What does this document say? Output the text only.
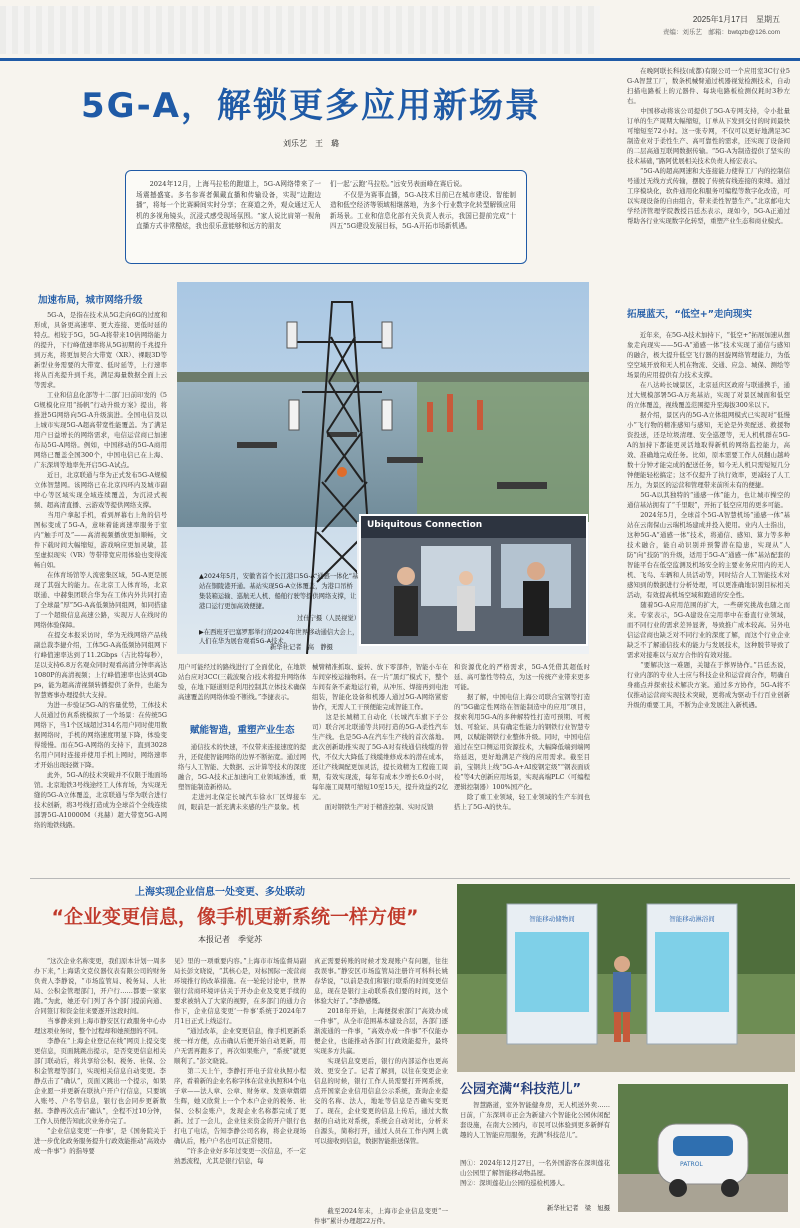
2025年1月17日　星期五
责编：刘乐艺　邮箱：bwtqzb@126.com
5G-A，解锁更多应用新场景
刘乐艺　王　璐
　　2024年12月，上海马拉松的跑道上，5G-A网络带来了一场震撼盛宴。多名参赛者佩戴直播和传输设备，实现“边跑边播”，将每一个比赛瞬间实时分享；在赛道之外，观众通过无人机的多视角镜头，沉浸式感受现场氛围。“家人说比肩第一视角直播方式非常酷炫，我也很乐意能够和远方的朋友
们一起‘云跑’马拉松。”远安另表面峰在赛后说。
　　不仅是为赛事直播，5G-A技术目前已在城市建设、智能制造和低空经济等领域相继落地，为多个行业数字化转型解锁应用新场景。工业和信息化部有关负责人表示，我国已提前完成“十四五”5G建设发展目标，5G-A开拓市场新机遇。
　　在晚阿联长科技(成都)有限公司一个应用室3C行业5G-A智慧工厂，数条机械臂通过机器视觉检测技术，自动扫描电路板上的元器件、每块电路板检测仅耗时3秒左右。
　　中国移动将该公司提供了5G-A专网支持，令小批量订单的生产周期大幅缩短，订单从下发到交付的时间最快可缩短至72小时。这一张专网，不仅可以更好地满足3C制造业对于柔性生产、高可靠性的需求，还实现了设备间的二层高通互联网数据传输。“5G-A为制造提供了坚实的技术基础，”路阿优展相关技术负责人杨宏表示。
　　“5G-A的超高网速和大连接能力使得工厂内的控制信号通过无线方式传输，摆脱了传统有线连接的束缚。通过工序模块化，软件通用化和服务可编程等数字化改造，可以实现设备的自由组合，带来柔性智慧生产。”北京邮电大学经济管理学院教授吕廷杰表示，现如今，5G-A正通过帮助各行业实现数字化转型，重塑产业生态和商业模式。
加速布局，城市网络升级
　　5G-A，是指在技术从5G走向6G的过度和形成，具备更高速率、更大连接、更低时延的特点。相较于5G，5G-A将带来10倍网络能力的提升，下行峰值速率将从5G初期的千兆提升到万兆，将更加契合大带宽（XR）、裸眼3D等新型业务需要的大带宽、低时延等，上行速率将从百兆提升到千兆，满足海量数据全面上云等需求。
　　工业和信息化部等十二部门日前印发的《5G规模化应用“扬帆”行动升级方案》提出，将推进5G网络向5G-A升级演进。全国电信及以上城市实现5G-A超高带宽性能覆盖。为了满足用户日益增长的网络需求，电信运营商已加速布局5G-A网络。例如，中国移动的5G-A商用网络已覆盖全国300个，中国电信已在上海、广东深圳等地率先开启5G-A试点。
　　近日，北京联通与华为正式发布5G-A规模立体智慧网。该网络已在北京四环内及城市副中心等区域实现全域连续覆盖，为沉浸式视频、超高清直播、云游戏等提供网络支撑。
　　当用户拿起手机，看到屏幕右上角的信号图标变成了5G-A，意味着能离速率服务于室内“触手可及”——高清视频播放更加顺畅，文件下载时间大幅缩短，游戏响应更加灵敏，甚至虚拟现实（VR）等带带宽应用体验也变得流畅自如。
　　在体育场馆等人流密集区域，5G-A更是展现了其强大的能力。在北京工人体育场，北京联通、中赫集团联合华为在工体内外共同打造了全球最“厚”5G-A高低频协同组网，如同搭建了一个超级信息高速公路，实现万人在线时的网络体验保障。
　　在提交本报采访时，华为无线网络产品线副总裁李捷介绍，工体5G-A高低频协同组网下行峰值速率达到了11.2Gbps（吉比特每秒），足以支持6.8万名观众同时观看高清分钟率高达1080P的高清视频；上行峰值速率也达到4Gbps，能为超高清视频转播提供了条件，也能为智慧赛事办理提供大支持。
　　为进一步验证5G-A的容量优势，工体技术人员通过仿真系统模拟了一个场景：在传统5G网络下，当1个区域超过314名用户同时使用数据网络时，手机的网络速度明显下降，体验变得缓慢。而在5G-A网络的支持下，直到3028名用户同时连接并使用手机上网时，网络速率才开始出现轻微下降。
　　此外，5G-A的技术突破并不仅限于地面场馆。北京地铁3号线途经工人体育场，为实现无缝的5G-A立体覆盖，北京联通与华为联合进行技术创新，将3号线打造成为全球首个全线连续部署5G-A10000M（兆赫）超大带宽5G-A网络的地铁线路。
Ubiquitous Connection
▲2024年5月，安徽省首个长江港口5G-A“通感一体化”基站在铜陵港开通。基站实现5G-A立体覆盖，为港口吊桥集装箱运输、巡航无人机、船舶行驶等提供网络支撑，让港口运行更加高效便捷。
过仕宁摄（人民视觉）
▶在西班牙巴塞罗那举行的2024年世界移动通信大会上，人们在华为展台观看5G-A技术。
新华社记者　高　静摄
用户可能经过的路线进行了全面优化，在地铁站台应对3CC(三载波聚合)技术将提升网络体验，在地下隧道则是利用控制其立体技术确保高速覆盖的网络体验不断线。”李捷表示。
赋能智造，重塑产业生态
　　通信技术的快速，不仅带来连接速度的提升，还促使智能网络的边界不断拓宽。通过网络与人工智能、大数据、云计算等技术的深度融合，5G-A技术正加速向工业领域渗透，重塑智能制造新格局。
　　走进河北保定长城汽车徐水厂区焊接车间，眼前是一派充满未来感的生产景象。机
械臂精准抓取、旋转、放下零部件，智能小车在车间穿梭运输物料。在一片“黑灯”模式下，整个车间有条不紊地运行着，从冲压、焊接再到电池组装，智能化设备和机器人通过5G-A网络紧密协作，无需人工干预便能完成智能工作。
　　这是长城精工自动化（长城汽车旗下子公司）联合河北联通等共同打造的5G-A柔性汽车生产线。也是5G-A在汽车生产线的首次落地。此次创新助推实现了5G-A对有线通信线缆的替代，不仅大大降低了线缆维修成本的潜在成本，还让产线调配更加灵活，提长效精为工程施工周期，有效实现流，每年有成本少增长6.0小时，每年施工周期可缩短10至15天，提升效益约2亿元。
　　面对钢铁生产对于精准控制、实时反馈
和资源优化的严格需求，5G-A凭借其超低时延、高可靠性等特点，为这一传统产业带来更多可能。
　　据了解，中国电信上海公司联合宝钢等打造的“5G确定性网络在智能制造中的应用”项目，探索利用5G-A的多种解特性打造可预期、可规划、可验证、具有确定性能力的钢铁行业智慧专网，以赋能钢铁行业整体升级。同时，中国电信通过在空口侧运用资源技术，大幅降低端到端网络延迟，更好地满足产线的应用需求。截至目前，宝钢共上线“5G-A+AI废钢定级”“钢表面质检”等4大创新应用场景，实现高端PLC（可编程逻辑控制器）100%国产化。
　　除了重工业领域，轻工业领域的生产车间也搭上了5G-A的快车。
拓展蓝天，“低空+”走向现实
　　近年来，在5G-A技术加持下，“低空+”拓展加速从想象走向现实——5G-A“通感一体”技术实现了通信与感知的融合，极大提升低空飞行器的回旋网络管理能力，为低空空域开放和无人机在物流、交通、应急、城保、测绘等场景的应用提供有力技术支撑。
　　在八达岭长城景区，北京延庆区政府与联通携手，通过大规模部署5G-A万兆基站，实现了对景区城面和低空的立体覆盖，视线覆盖范围提升至海拔300米以下。
　　据介绍，景区内的5G-A立体组网模式已实现对“低慢小”飞行物的精准感知与感知，无论是外卖配送、救援物资投送，还是垃圾清理、安全巡逻等，无人机机群在5G-A的加持下都能更灵活地取得新机的网络监控能力，高效、准确地完成任务。比如，原本需要工作人员翻山越岭数十分钟才能完成的配送任务，如今无人机只需短短几分钟便能轻松搞定；这不仅提升了执行效率，更减轻了人工压力，为景区的运营和管理带来前所未有的便捷。
　　5G-A以其独特的“通感一体”能力，也让城市操空的通信基站拥有了“千里眼”，开拓了低空应用的更多可能。
　　2024年5月，全球首个5G-A智慧机场“通感一体”基站在云南保山云瑞机场建成并投入使用。业内人士指出，这种5G-A“通感一体”技术，将通信、感知、算力等多种技术融合，能自动识别并预警潜在隐患，实现从“人防”向“技防”的升级，适用于5G-A“通感一体”基站配套的智能平台在低空监测及机场安全的主要业务应用内的无人机、飞鸟、车辆和人员活动等，同时结合人工智能技术对感知到的数据进行分析处理，可以更准确地识别目标相关活动，有效提高机场空域和跑道的安全性。
　　随着5G-A应用范围的扩大，一些研究挑战也随之而来。专家表示，5G-A建设在完用率中在垂直行业领域，而不同行业的需求差异显著，导致推广成本较高。另外电信运营商也缺乏对不同行业的深度了解，而这个行业企业缺乏不了解通信技术的能力与发展技术，这种脱节导致了需求对接难以与双方合作的有效对接。
　　“要解决这一难题，关键在于葬界协作。”吕廷杰说，行业内部的专业人士应与科技企业和运营商合作，明确自身痛点并探索技术解决方案。通过多方协作，5G-A将不仅推动运营商实现技术突破，更将成为驱动千行百业创新升级的重要工具，不断为企业发展注入新机遇。
上海实现企业信息一处变更、多处联动
“企业变更信息，像手机更新系统一样方便”
本报记者　季觉苏
　　“这次企业名称变更，我们原本计划一周多办下来，”上海诺文克仪器仪表有限公司的财务负责人李静说，“市场监管局、税务局、人社局、公积金管理部门，开户行……都要一家家跑。”为此，她还专门列了各个部门提前向通、合同签订和资金往来要逐开这段时间。
　　当事静来到上海市静安区行政服务中心办理这项业务时，整个过程却和她预想的不同。
　　李静在“上海企业登记在线”网页上提交变更信息，页面跳跳出提示，是否变更信息相关部门联动后，将共享给公积、税务、社保、公积金管理等部门，实现相关信息自动变更。李静点击了“确认”，页面又跳出一个提示，如果企业愿一并更新在联执户开户行信息，只要填入账号、户名等信息，银行也会同步更新数据。李静再次点击“确认”，全程不过10分钟，工作人员便告知此次业务办完了。
　　“企业信息变更‘一件事’，是《国务院关于进一步优化政务服务提升行政效能推动“高效办成一件事”》的指导要
见》里的一项重要内容。”上海市市场监督局副局长彭文晓说，“其核心是，对标国际一流营商环境推行的改革措施。在一轮轮讨论中，世界银行营商环境评估关于开办企业及变更手续的要求被纳入了大家的视野，在多部门的通力合作下，企业信息变更‘一件事’系统于2024年7月1日正式上线运行。
　　“通过改革，企业变更信息，像手机更新系统一样方便，点击确认后便开始自动更新，用户无需再跑多了，再次如果账户，“系统”就更顺利了。”彭文晓说。
　　第二天上午，李静打开电子营业执照小程序，看着新的企业名称字体在营业执照和4个电子章——法人章、公章、财务章、发票章熠熠生辉，她又欣赏上一个个本户企业的税务、社保、公积金账户，发现企业名称都完成了更新。过了一会儿，企业往来资金的开户银行也打电了电话，告知李静公司名称，将企业现场确认后，账户户名也可以正常使用。
　　“许多企业好多年过变更一次信息，不一定熟悉流程，尤其是银行信息，每
真正需要转账的时候才发现账户有问题，往往我误事。”静安区市场监管局注册许可科科长姚春华说，“以前是我们和银行联系的时间变更信息，现在是银行主动联系我们要的时间，这个体验大好了。”李静感慨。
　　2018年开始，上海便探索部门“高效办成一件事”，从全市范围基本建设合层，各部门逐渐流通的一件事，“高效办成一件事”不仅能办便企业，也能推动各部门行政效能提升，最终实现多方共赢。
　　实现信息变更后，银行的内部运作也更高效、更安全了。记者了解到，以往在变更企业信息的时候，银行工作人员需要打开网系统，点开国家企业信用信息公示系统，查询企业提交的名称、法人，地址等信息是否确实变更了。现在，企业变更的信息上传后，通过大数据的自动比对系统，系统会自动对比，分析来自源头，简称打开，通过人员在工作内网上就可以接收到信息，数据智能推送保管。
　　截至2024年末，上海市企业信息变更“一件事”累计办理超22万件。
智能移动储物间	智能移动淋浴间
公园充满“科技范儿”
　　智慧路道，室外智能健身房，无人机送外卖……日前，广东深圳市正会为新建六个智能化公园休闲配套设施，在南大公园内，市民可以体验到更多新鲜有趣的人工智能应用服务，充满“科技范儿”。
图①：2024年12月27日，一名外国游客在深圳莲花山公园里了解智能移动物品屋。
图②：深圳莲花山公园的巡检机器人。
新华社记者　梁　旭摄
PATROL
